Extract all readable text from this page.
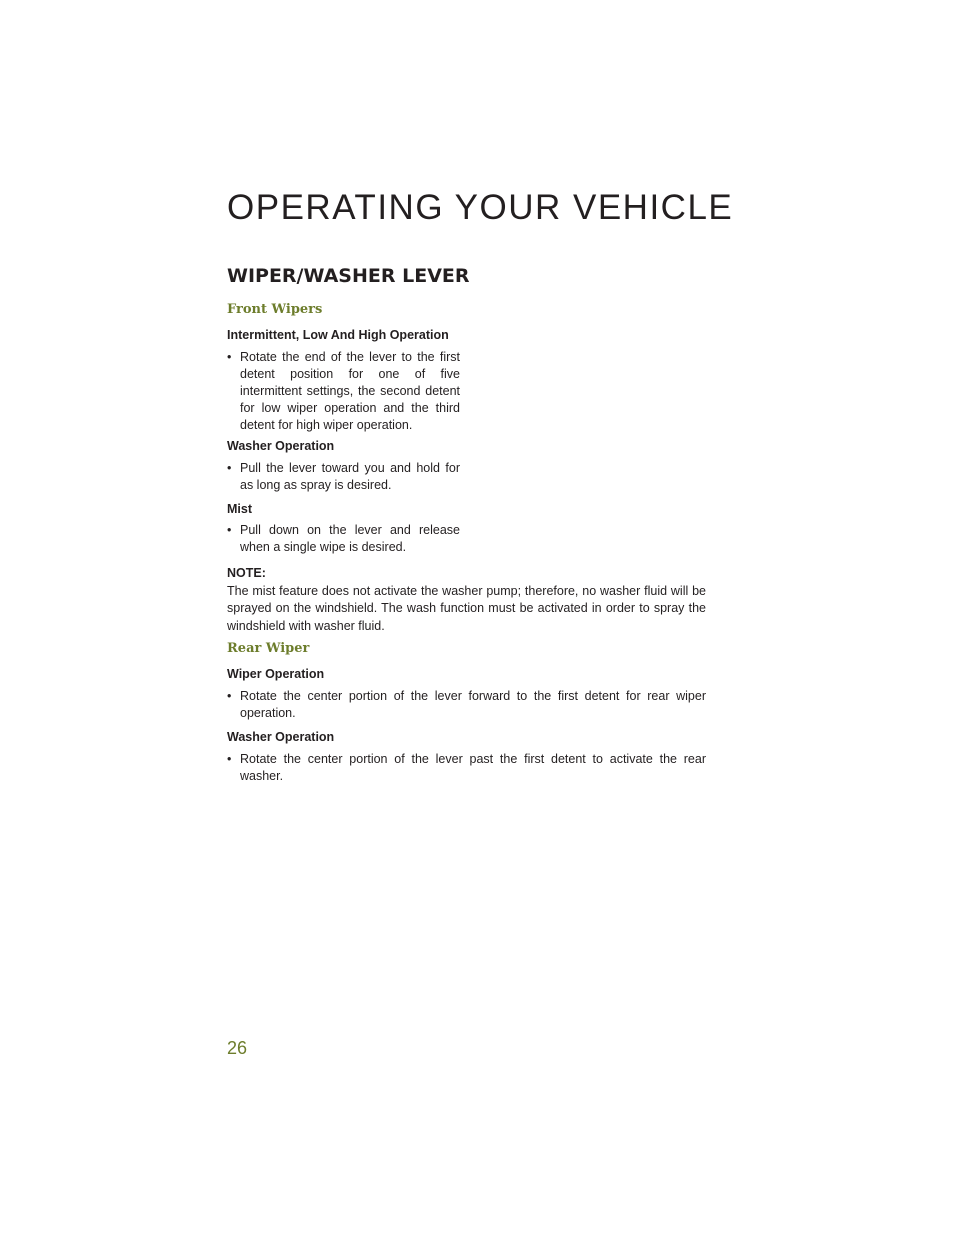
OPERATING YOUR VEHICLE
WIPER/WASHER LEVER
Front Wipers
Intermittent, Low And High Operation
• Rotate the end of the lever to the first detent position for one of five intermittent settings, the second detent for low wiper operation and the third detent for high wiper operation.
Washer Operation
• Pull the lever toward you and hold for as long as spray is desired.
Mist
• Pull down on the lever and release when a single wipe is desired.
NOTE:
The mist feature does not activate the washer pump; therefore, no washer fluid will be sprayed on the windshield. The wash function must be activated in order to spray the windshield with washer fluid.
Rear Wiper
Wiper Operation
• Rotate the center portion of the lever forward to the first detent for rear wiper operation.
Washer Operation
• Rotate the center portion of the lever past the first detent to activate the rear washer.
26
